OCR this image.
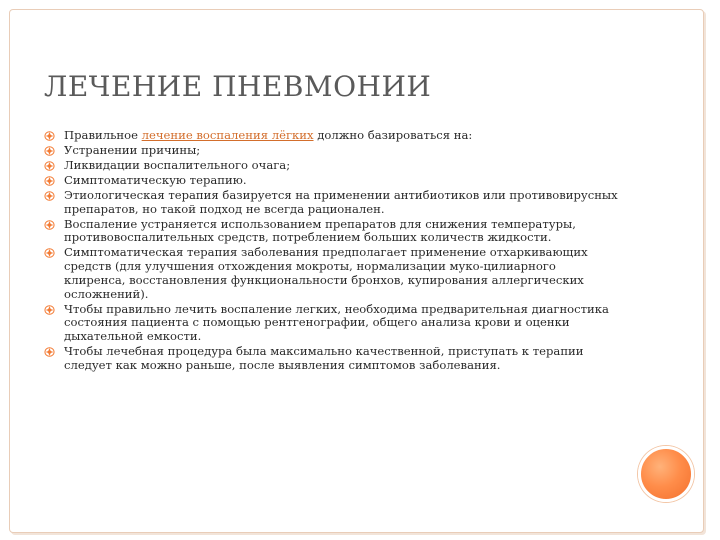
ЛЕЧЕНИЕ ПНЕВМОНИИ
Правильное лечение воспаления лёгких должно базироваться на:
Устранении причины;
Ликвидации воспалительного очага;
Симптоматическую терапию.
Этиологическая терапия базируется на применении антибиотиков или противовирусных препаратов, но такой подход не всегда рационален.
Воспаление устраняется использованием препаратов для снижения температуры, противовоспалительных средств, потреблением больших количеств жидкости.
Симптоматическая терапия заболевания предполагает применение отхаркивающих средств (для улучшения отхождения мокроты, нормализации муко-цилиарного клиренса, восстановления функциональности бронхов, купирования аллергических осложнений).
Чтобы правильно лечить воспаление легких, необходима предварительная диагностика состояния пациента с помощью рентгенографии, общего анализа крови и оценки дыхательной емкости.
Чтобы лечебная процедура была максимально качественной, приступать к терапии следует как можно раньше, после выявления симптомов заболевания.
